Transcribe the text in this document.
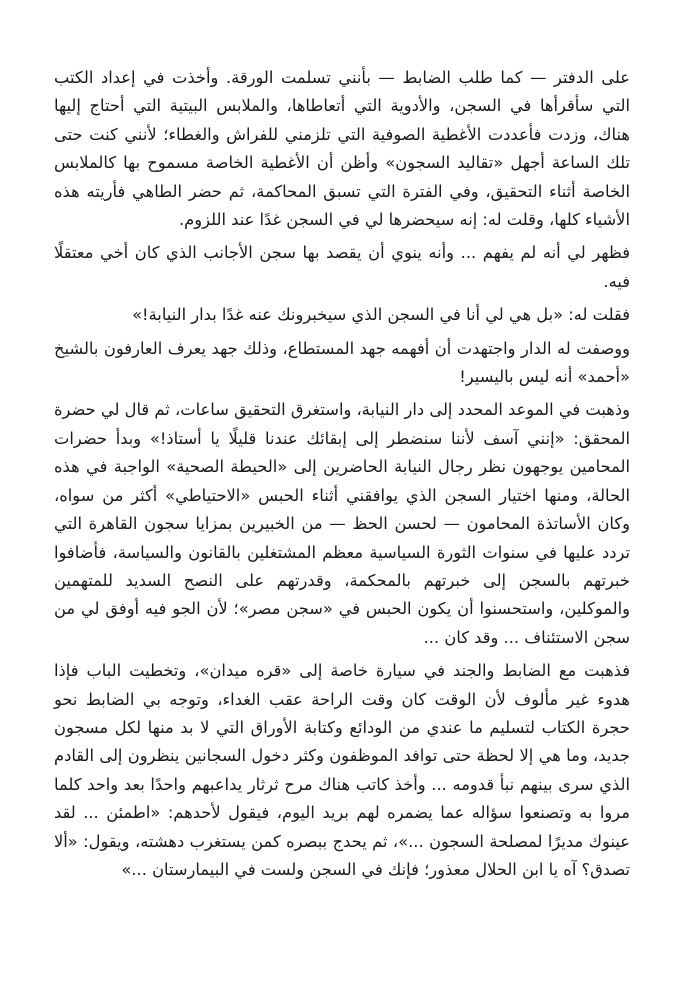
على الدفتر — كما طلب الضابط — بأنني تسلمت الورقة. وأخذت في إعداد الكتب التي سأقرأها في السجن، والأدوية التي أتعاطاها، والملابس البيتية التي أحتاج إليها هناك، وزدت فأعددت الأغطية الصوفية التي تلزمني للفراش والغطاء؛ لأنني كنت حتى تلك الساعة أجهل «تقاليد السجون» وأظن أن الأغطية الخاصة مسموح بها كالملابس الخاصة أثناء التحقيق، وفي الفترة التي تسبق المحاكمة، ثم حضر الطاهي فأريته هذه الأشياء كلها، وقلت له: إنه سيحضرها لي في السجن غدًا عند اللزوم.

فظهر لي أنه لم يفهم ... وأنه ينوي أن يقصد بها سجن الأجانب الذي كان أخي معتقلًا فيه.

فقلت له: «بل هي لي أنا في السجن الذي سيخبرونك عنه غدًا بدار النيابة!»

ووصفت له الدار واجتهدت أن أفهمه جهد المستطاع، وذلك جهد يعرف العارفون بالشيخ «أحمد» أنه ليس باليسير!

وذهبت في الموعد المحدد إلى دار النيابة، واستغرق التحقيق ساعات، ثم قال لي حضرة المحقق: «إنني آسف لأننا سنضطر إلى إبقائك عندنا قليلًا يا أستاذ!» وبدأ حضرات المحامين يوجهون نظر رجال النيابة الحاضرين إلى «الحيطة الصحية» الواجبة في هذه الحالة، ومنها اختيار السجن الذي يوافقني أثناء الحبس «الاحتياطي» أكثر من سواه، وكان الأساتذة المحامون — لحسن الحظ — من الخبيرين بمزايا سجون القاهرة التي تردد عليها في سنوات الثورة السياسية معظم المشتغلين بالقانون والسياسة، فأضافوا خبرتهم بالسجن إلى خبرتهم بالمحكمة، وقدرتهم على النصح السديد للمتهمين والموكلين، واستحسنوا أن يكون الحبس في «سجن مصر»؛ لأن الجو فيه أوفق لي من سجن الاستئناف ... وقد كان ...

فذهبت مع الضابط والجند في سيارة خاصة إلى «قره ميدان»، وتخطيت الباب فإذا هدوء غير مألوف لأن الوقت كان وقت الراحة عقب الغداء، وتوجه بي الضابط نحو حجرة الكتاب لتسليم ما عندي من الودائع وكتابة الأوراق التي لا بد منها لكل مسجون جديد، وما هي إلا لحظة حتى توافد الموظفون وكثر دخول السجانين ينظرون إلى القادم الذي سرى بينهم نبأ قدومه ... وأخذ كاتب هناك مرح ثرثار يداعبهم واحدًا بعد واحد كلما مروا به وتصنعوا سؤاله عما يضمره لهم بريد اليوم، فيقول لأحدهم: «اطمئن ... لقد عينوك مديرًا لمصلحة السجون ...»، ثم يحدج ببصره كمن يستغرب دهشته، ويقول: «ألا تصدق؟ آه يا ابن الحلال معذور؛ فإنك في السجن ولست في البيمارستان ...»
